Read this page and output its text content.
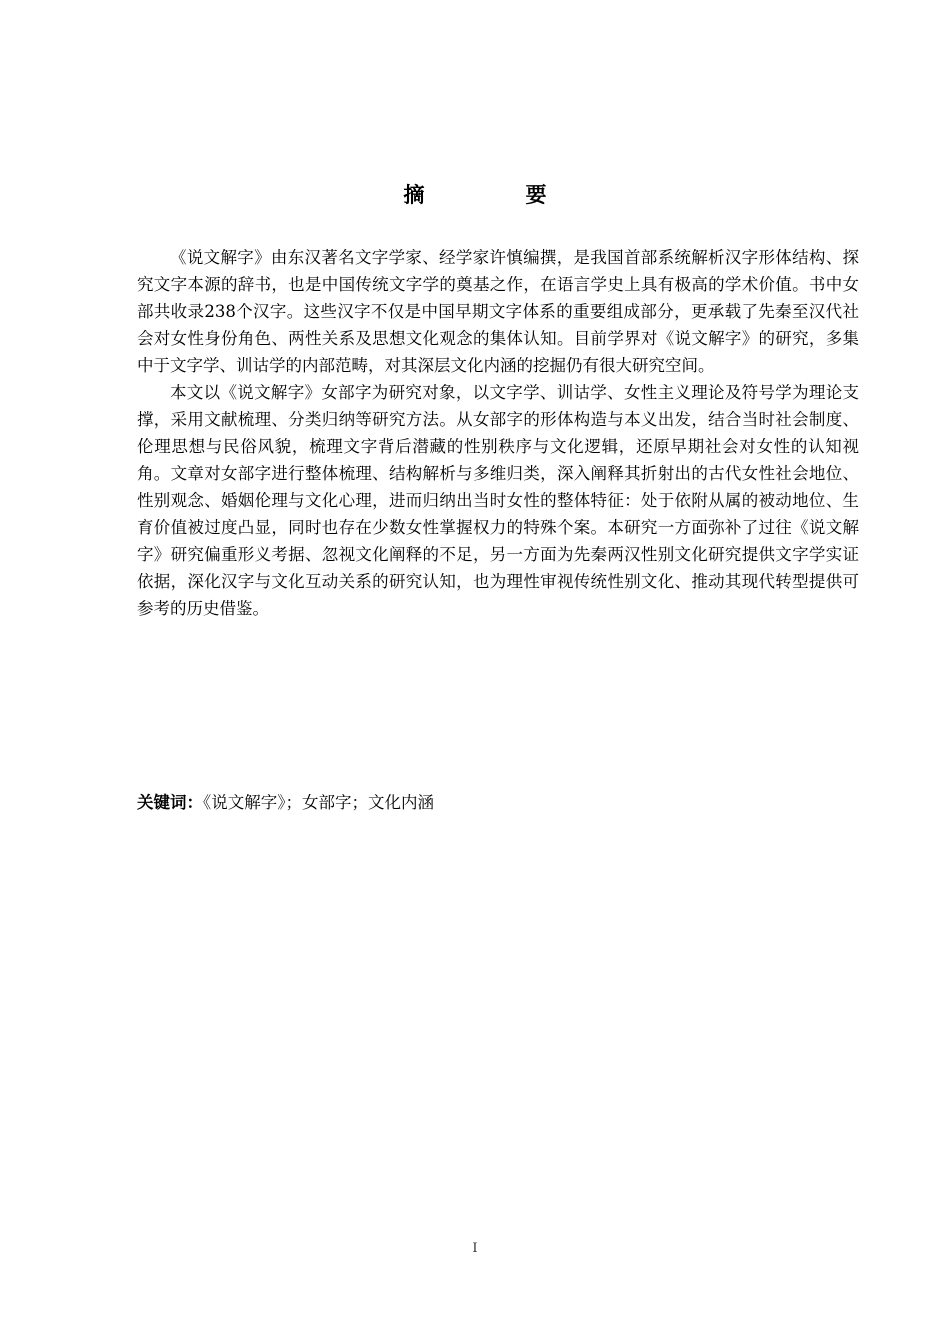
摘　要

《说文解字》由东汉著名文字学家、经学家许慎编撰，是我国首部系统解析汉字形体结构、探究文字本源的辞书，也是中国传统文字学的奠基之作，在语言学史上具有极高的学术价值。书中女部共收录238个汉字。这些汉字不仅是中国早期文字体系的重要组成部分，更承载了先秦至汉代社会对女性身份角色、两性关系及思想文化观念的集体认知。目前学界对《说文解字》的研究，多集中于文字学、训诂学的内部范畴，对其深层文化内涵的挖掘仍有很大研究空间。

本文以《说文解字》女部字为研究对象，以文字学、训诂学、女性主义理论及符号学为理论支撑，采用文献梳理、分类归纳等研究方法。从女部字的形体构造与本义出发，结合当时社会制度、伦理思想与民俗风貌，梳理文字背后潜藏的性别秩序与文化逻辑，还原早期社会对女性的认知视角。文章对女部字进行整体梳理、结构解析与多维归类，深入阐释其折射出的古代女性社会地位、性别观念、婚姻伦理与文化心理，进而归纳出当时女性的整体特征：处于依附从属的被动地位、生育价值被过度凸显，同时也存在少数女性掌握权力的特殊个案。本研究一方面弥补了过往《说文解字》研究偏重形义考据、忽视文化阐释的不足，另一方面为先秦两汉性别文化研究提供文字学实证依据，深化汉字与文化互动关系的研究认知，也为理性审视传统性别文化、推动其现代转型提供可参考的历史借鉴。

关键词：《说文解字》；女部字；文化内涵
I
